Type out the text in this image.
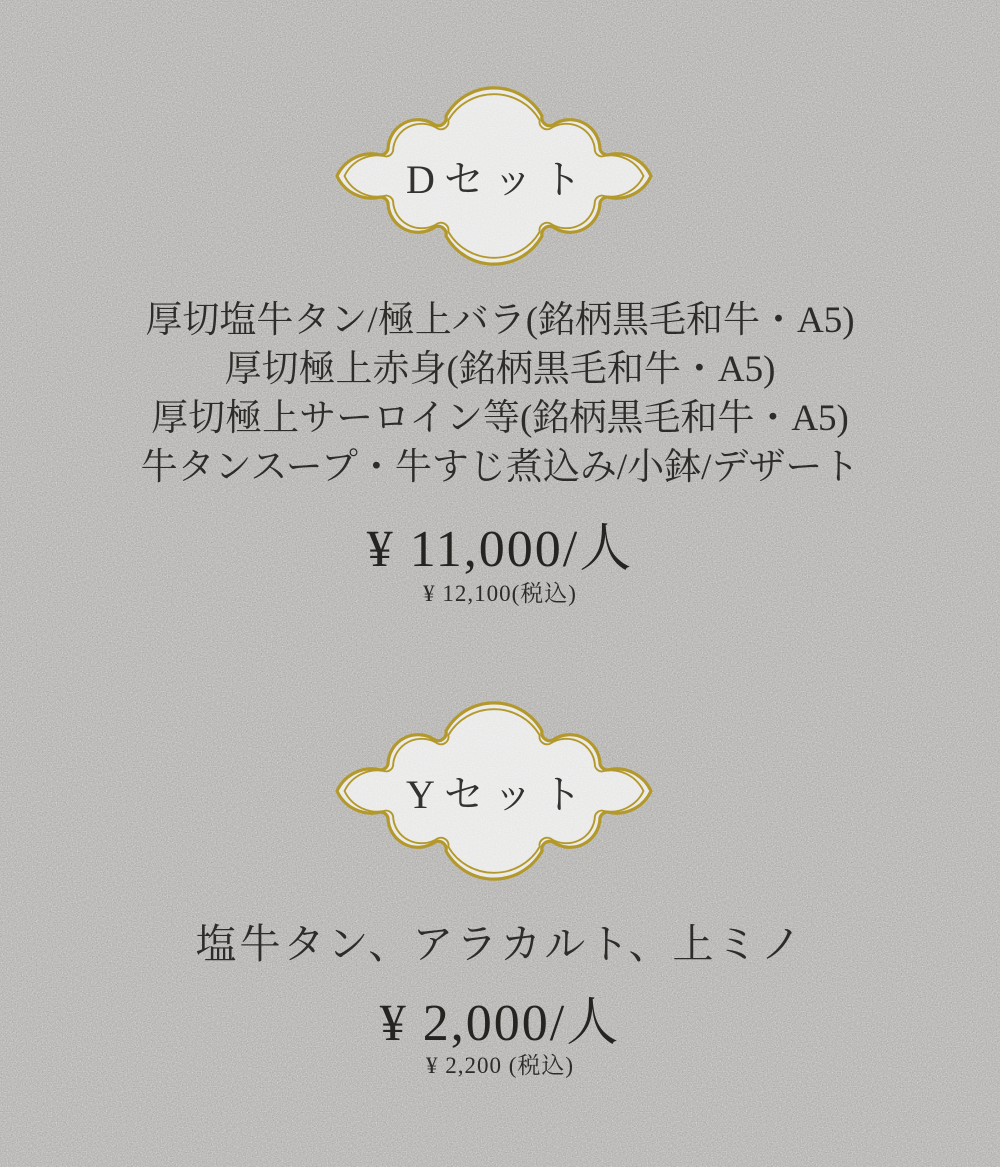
Dセット
厚切塩牛タン/極上バラ(銘柄黒毛和牛・A5)
厚切極上赤身(銘柄黒毛和牛・A5)
厚切極上サーロイン等(銘柄黒毛和牛・A5)
牛タンスープ・牛すじ煮込み/小鉢/デザート
¥ 11,000/人
¥ 12,100(税込)
Yセット
塩牛タン、アラカルト、上ミノ
¥ 2,000/人
¥ 2,200 (税込)
